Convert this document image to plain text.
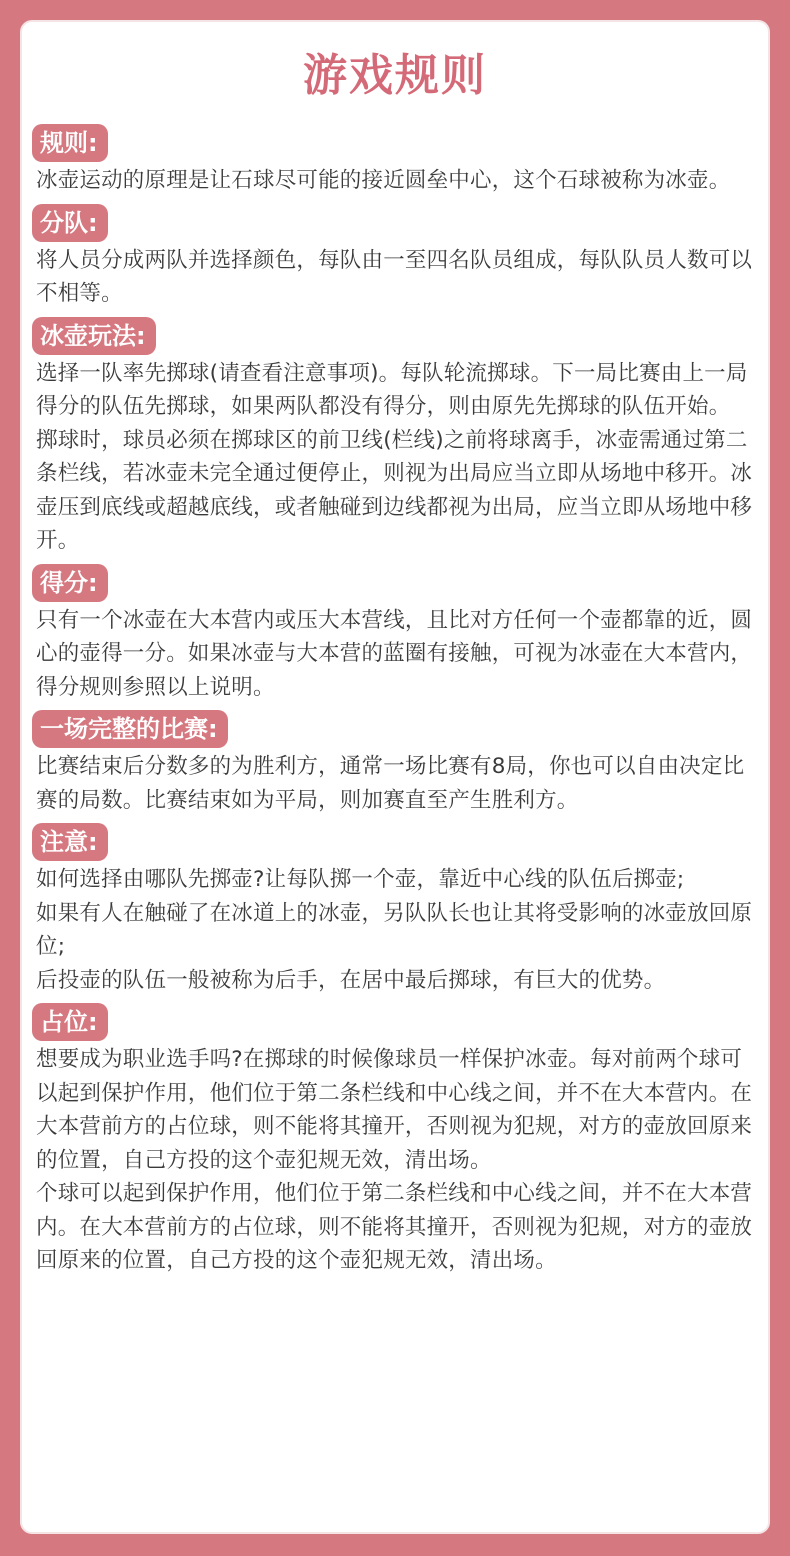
游戏规则
规则:

冰壶运动的原理是让石球尽可能的接近圆垒中心，这个石球被称为冰壶。

分队:

将人员分成两队并选择颜色，每队由一至四名队员组成，每队队员人数可以不相等。

冰壶玩法:

选择一队率先掷球(请查看注意事项)。每队轮流掷球。下一局比赛由上一局得分的队伍先掷球，如果两队都没有得分，则由原先先掷球的队伍开始。

掷球时，球员必须在掷球区的前卫线(栏线)之前将球离手，冰壶需通过第二条栏线，若冰壶未完全通过便停止，则视为出局应当立即从场地中移开。冰壶压到底线或超越底线，或者触碰到边线都视为出局，应当立即从场地中移开。

得分:

只有一个冰壶在大本营内或压大本营线，且比对方任何一个壶都靠的近，圆心的壶得一分。如果冰壶与大本营的蓝圈有接触，可视为冰壶在大本营内，得分规则参照以上说明。

一场完整的比赛:

比赛结束后分数多的为胜利方，通常一场比赛有8局，你也可以自由决定比赛的局数。比赛结束如为平局，则加赛直至产生胜利方。

注意:

如何选择由哪队先掷壶?让每队掷一个壶，靠近中心线的队伍后掷壶;

如果有人在触碰了在冰道上的冰壶，另队队长也让其将受影响的冰壶放回原位;

后投壶的队伍一般被称为后手，在居中最后掷球，有巨大的优势。

占位:

想要成为职业选手吗?在掷球的时候像球员一样保护冰壶。每对前两个球可以起到保护作用，他们位于第二条栏线和中心线之间，并不在大本营内。在大本营前方的占位球，则不能将其撞开，否则视为犯规，对方的壶放回原来的位置，自己方投的这个壶犯规无效，清出场。

个球可以起到保护作用，他们位于第二条栏线和中心线之间，并不在大本营内。在大本营前方的占位球，则不能将其撞开，否则视为犯规，对方的壶放回原来的位置，自己方投的这个壶犯规无效，清出场。
